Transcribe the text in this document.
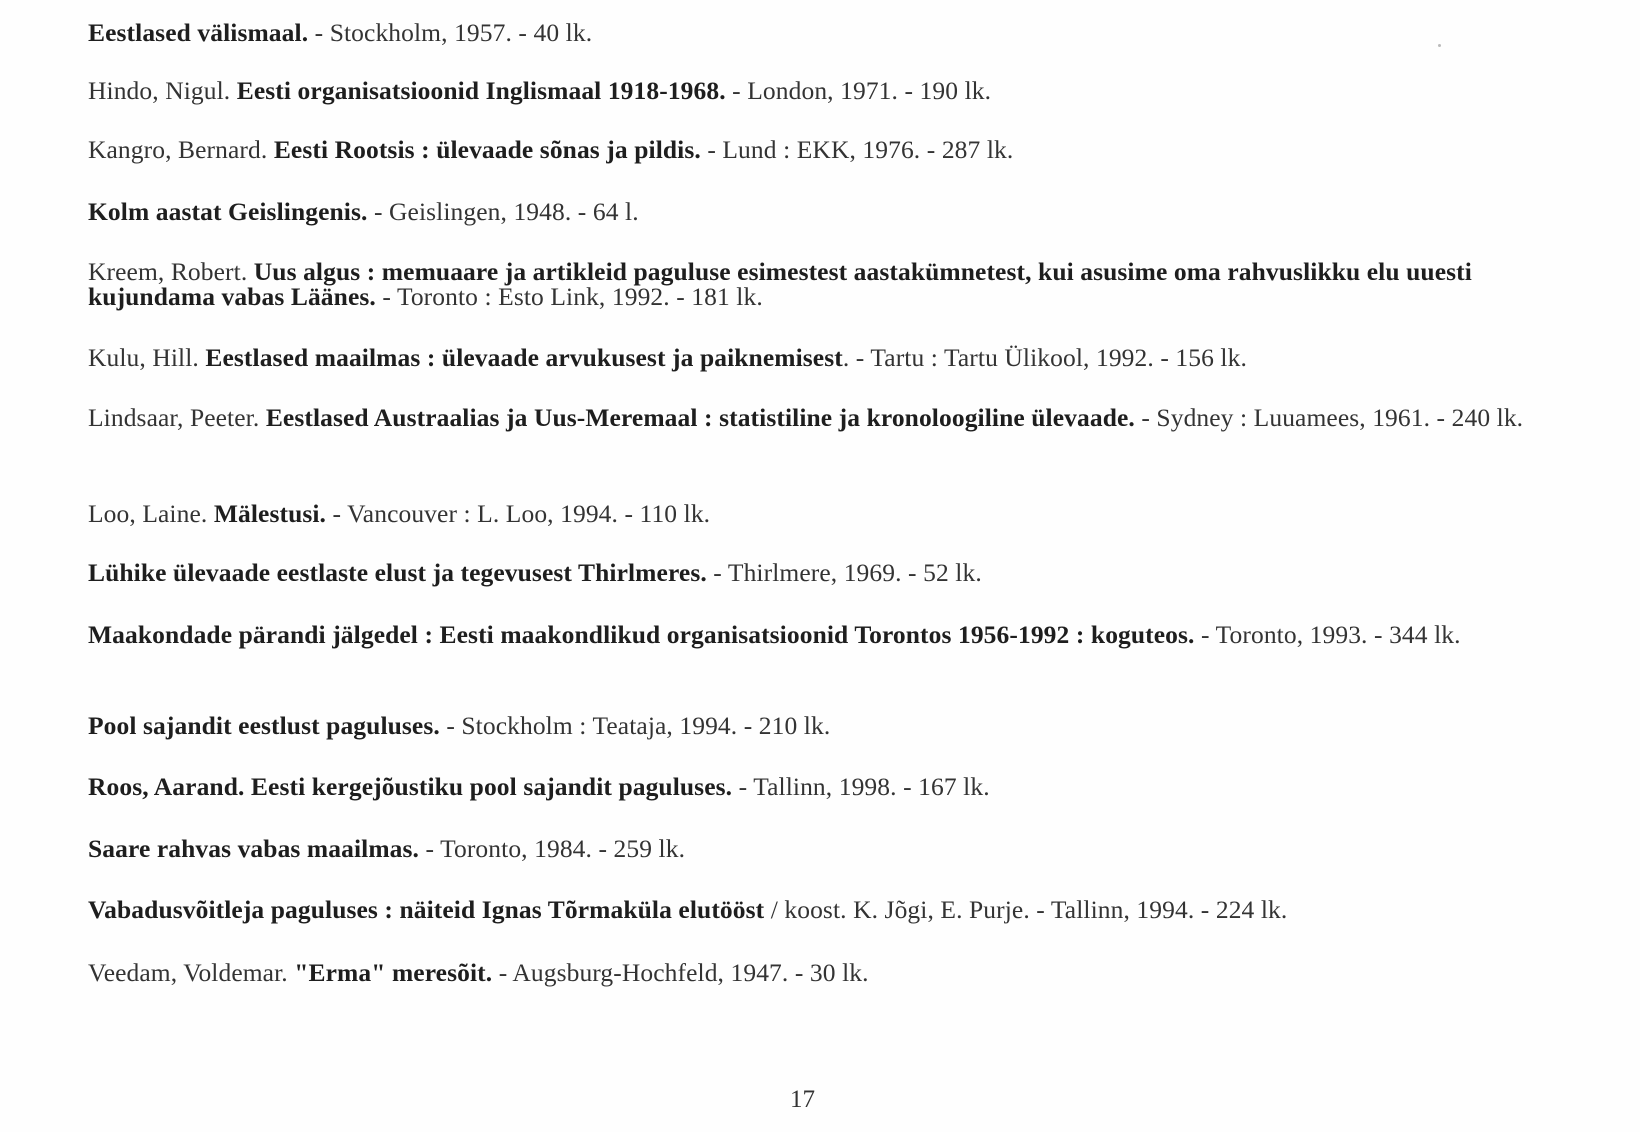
Eestlased välismaal. - Stockholm, 1957. - 40 lk.
Hindo, Nigul. Eesti organisatsioonid Inglismaal 1918-1968. - London, 1971. - 190 lk.
Kangro, Bernard. Eesti Rootsis : ülevaade sõnas ja pildis. - Lund : EKK, 1976. - 287 lk.
Kolm aastat Geislingenis. - Geislingen, 1948. - 64 l.
Kreem, Robert. Uus algus : memuaare ja artikleid paguluse esimestest aastakümnetest, kui asusime oma rahvuslikku elu uuesti kujundama vabas Läänes. - Toronto : Esto Link, 1992. - 181 lk.
Kulu, Hill. Eestlased maailmas : ülevaade arvukusest ja paiknemisest. - Tartu : Tartu Ülikool, 1992. - 156 lk.
Lindsaar, Peeter. Eestlased Austraalias ja Uus-Meremaal : statistiline ja kronoloogiline ülevaade. - Sydney : Luuamees, 1961. - 240 lk.
Loo, Laine. Mälestusi. - Vancouver : L. Loo, 1994. - 110 lk.
Lühike ülevaade eestlaste elust ja tegevusest Thirlmeres. - Thirlmere, 1969. - 52 lk.
Maakondade pärandi jälgedel : Eesti maakondlikud organisatsioonid Torontos 1956-1992 : koguteos. - Toronto, 1993. - 344 lk.
Pool sajandit eestlust paguluses. - Stockholm : Teataja, 1994. - 210 lk.
Roos, Aarand. Eesti kergejõustiku pool sajandit paguluses. - Tallinn, 1998. - 167 lk.
Saare rahvas vabas maailmas. - Toronto, 1984. - 259 lk.
Vabadusvõitleja paguluses : näiteid Ignas Tõrmaküla elutööst / koost. K. Jõgi, E. Purje. - Tallinn, 1994. - 224 lk.
Veedam, Voldemar. "Erma" meresõit. - Augsburg-Hochfeld, 1947. - 30 lk.
17
